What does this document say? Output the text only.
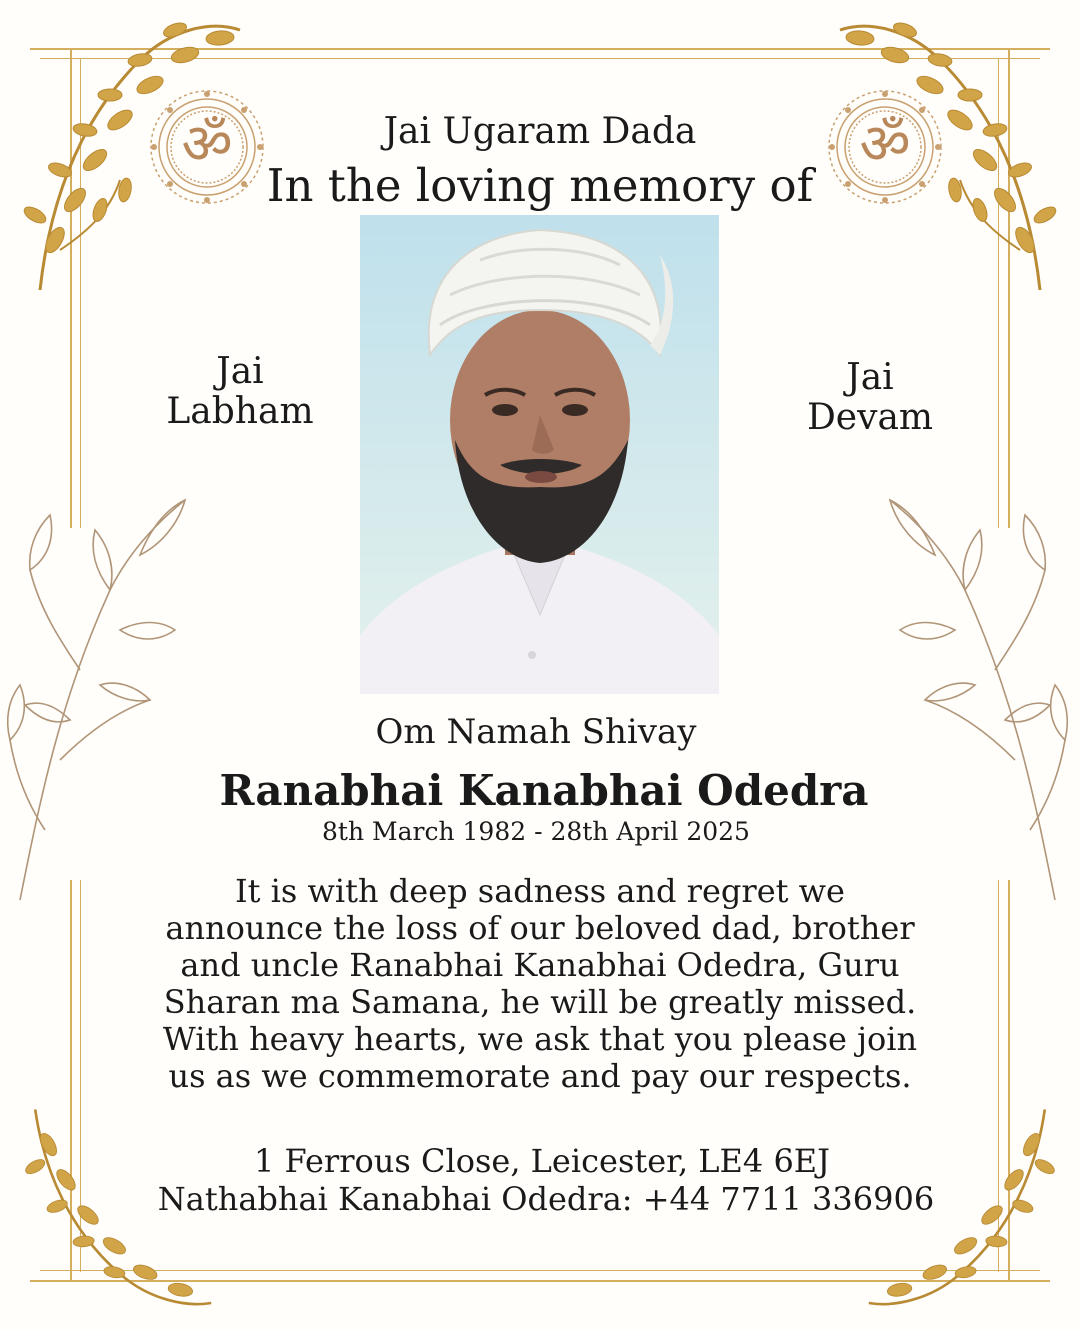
ॐ	ॐ
Jai Ugaram Dada
In the loving memory of
Jai
Labham
Jai
Devam
Om Namah Shivay
Ranabhai Kanabhai Odedra
8th March 1982 - 28th April 2025
It is with deep sadness and regret we
announce the loss of our beloved dad, brother
and uncle Ranabhai Kanabhai Odedra, Guru
Sharan ma Samana, he will be greatly missed.
With heavy hearts, we ask that you please join
us as we commemorate and pay our respects.
1 Ferrous Close, Leicester, LE4 6EJ
Nathabhai Kanabhai Odedra: +44 7711 336906
